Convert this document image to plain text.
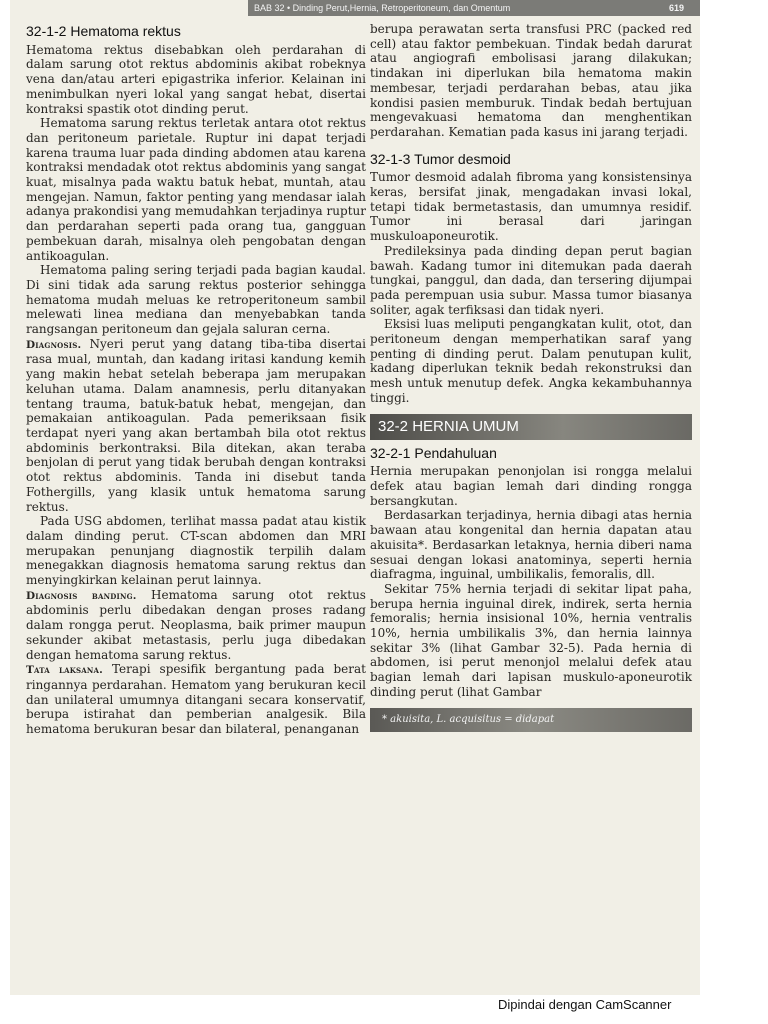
BAB 32 • Dinding Perut,Hernia, Retroperitoneum, dan Omentum	619
32-1-2 Hematoma rektus

Hematoma rektus disebabkan oleh perdarahan di dalam sarung otot rektus abdominis akibat robeknya vena dan/atau arteri epigastrika inferior. Kelainan ini menimbulkan nyeri lokal yang sangat hebat, disertai kontraksi spastik otot dinding perut.

Hematoma sarung rektus terletak antara otot rektus dan peritoneum parietale. Ruptur ini dapat terjadi karena trauma luar pada dinding abdomen atau karena kontraksi mendadak otot rektus abdominis yang sangat kuat, misalnya pada waktu batuk hebat, muntah, atau mengejan. Namun, faktor penting yang mendasar ialah adanya prakondisi yang memudahkan terjadinya ruptur dan perdarahan seperti pada orang tua, gangguan pembekuan darah, misalnya oleh pengobatan dengan antikoagulan.

Hematoma paling sering terjadi pada bagian kaudal. Di sini tidak ada sarung rektus posterior sehingga hematoma mudah meluas ke retroperitoneum sambil melewati linea mediana dan menyebabkan tanda rangsangan peritoneum dan gejala saluran cerna.

Diagnosis. Nyeri perut yang datang tiba-tiba disertai rasa mual, muntah, dan kadang iritasi kandung kemih yang makin hebat setelah beberapa jam merupakan keluhan utama. Dalam anamnesis, perlu ditanyakan tentang trauma, batuk-batuk hebat, mengejan, dan pemakaian antikoagulan. Pada pemeriksaan fisik terdapat nyeri yang akan bertambah bila otot rektus abdominis berkontraksi. Bila ditekan, akan teraba benjolan di perut yang tidak berubah dengan kontraksi otot rektus abdominis. Tanda ini disebut tanda Fothergills, yang klasik untuk hematoma sarung rektus.

Pada USG abdomen, terlihat massa padat atau kistik dalam dinding perut. CT-scan abdomen dan MRI merupakan penunjang diagnostik terpilih dalam menegakkan diagnosis hematoma sarung rektus dan menyingkirkan kelainan perut lainnya.

Diagnosis banding. Hematoma sarung otot rektus abdominis perlu dibedakan dengan proses radang dalam rongga perut. Neoplasma, baik primer maupun sekunder akibat metastasis, perlu juga dibedakan dengan hematoma sarung rektus.

Tata laksana. Terapi spesifik bergantung pada berat ringannya perdarahan. Hematom yang berukuran kecil dan unilateral umumnya ditangani secara konservatif, berupa istirahat dan pemberian analgesik. Bila hematoma berukuran besar dan bilateral, penanganan

berupa perawatan serta transfusi PRC (packed red cell) atau faktor pembekuan. Tindak bedah darurat atau angiografi embolisasi jarang dilakukan; tindakan ini diperlukan bila hematoma makin membesar, terjadi perdarahan bebas, atau jika kondisi pasien memburuk. Tindak bedah bertujuan mengevakuasi hematoma dan menghentikan perdarahan. Kematian pada kasus ini jarang terjadi.

32-1-3 Tumor desmoid

Tumor desmoid adalah fibroma yang konsistensinya keras, bersifat jinak, mengadakan invasi lokal, tetapi tidak bermetastasis, dan umumnya residif. Tumor ini berasal dari jaringan muskuloaponeurotik.

Predileksinya pada dinding depan perut bagian bawah. Kadang tumor ini ditemukan pada daerah tungkai, panggul, dan dada, dan tersering dijumpai pada perempuan usia subur. Massa tumor biasanya soliter, agak terfiksasi dan tidak nyeri.

Eksisi luas meliputi pengangkatan kulit, otot, dan peritoneum dengan memperhatikan saraf yang penting di dinding perut. Dalam penutupan kulit, kadang diperlukan teknik bedah rekonstruksi dan mesh untuk menutup defek. Angka kekambuhannya tinggi.

32-2 HERNIA UMUM
32-2-1 Pendahuluan

Hernia merupakan penonjolan isi rongga melalui defek atau bagian lemah dari dinding rongga bersangkutan.

Berdasarkan terjadinya, hernia dibagi atas hernia bawaan atau kongenital dan hernia dapatan atau akuisita*. Berdasarkan letaknya, hernia diberi nama sesuai dengan lokasi anatominya, seperti hernia diafragma, inguinal, umbilikalis, femoralis, dll.

Sekitar 75% hernia terjadi di sekitar lipat paha, berupa hernia inguinal direk, indirek, serta hernia femoralis; hernia insisional 10%, hernia ventralis 10%, hernia umbilikalis 3%, dan hernia lainnya sekitar 3% (lihat Gambar 32-5). Pada hernia di abdomen, isi perut menonjol melalui defek atau bagian lemah dari lapisan muskulo-aponeurotik dinding perut (lihat Gambar

* akuisita, L. acquisitus = didapat
Dipindai dengan CamScanner
